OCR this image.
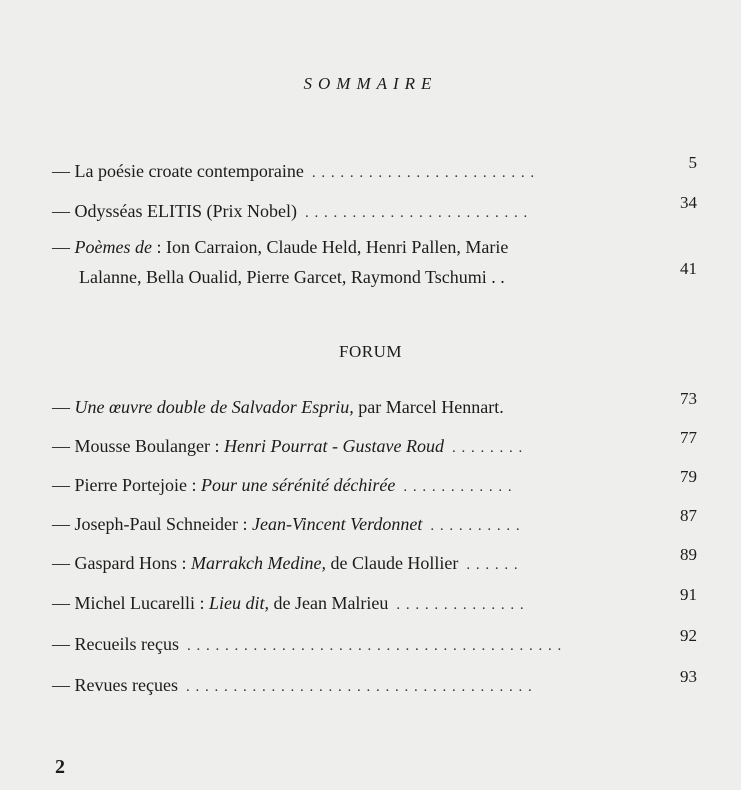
SOMMAIRE
— La poésie croate contemporaine . . . . . . . . . . . . . . . . . . . . . . . .
5
— Odysséas ELITIS (Prix Nobel) . . . . . . . . . . . . . . . . . . . . . . . .
34
— Poèmes de : Ion Carraion, Claude Held, Henri Pallen, Marie
Lalanne, Bella Oualid, Pierre Garcet, Raymond Tschumi . .	41
FORUM
— Une œuvre double de Salvador Espriu, par Marcel Hennart.	73
— Mousse Boulanger : Henri Pourrat - Gustave Roud . . . . . . . .
77
— Pierre Portejoie : Pour une sérénité déchirée . . . . . . . . . . . .
79
— Joseph-Paul Schneider : Jean-Vincent Verdonnet . . . . . . . . . .
87
— Gaspard Hons : Marrakch Medine, de Claude Hollier . . . . . .
89
— Michel Lucarelli : Lieu dit, de Jean Malrieu . . . . . . . . . . . . . .
91
— Recueils reçus . . . . . . . . . . . . . . . . . . . . . . . . . . . . . . . . . . . . . . . .
92
— Revues reçues . . . . . . . . . . . . . . . . . . . . . . . . . . . . . . . . . . . . .
93
2
